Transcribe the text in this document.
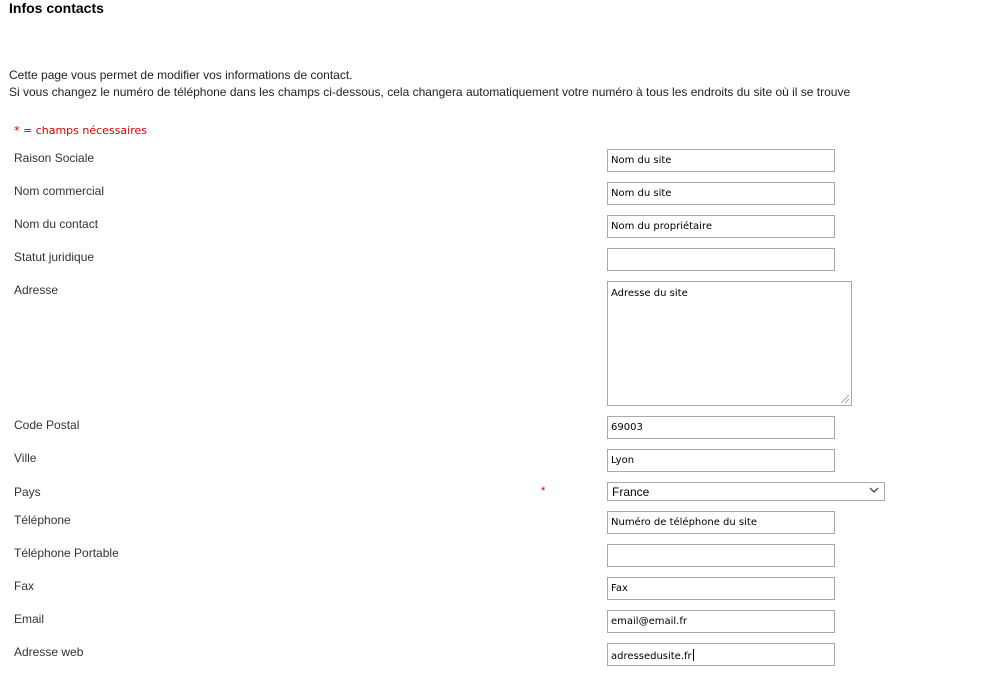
Infos contacts
Cette page vous permet de modifier vos informations de contact.
Si vous changez le numéro de téléphone dans les champs ci-dessous, cela changera automatiquement votre numéro à tous les endroits du site où il se trouve
* = champs nécessaires
Raison Sociale	Nom du site
Nom commercial	Nom du site
Nom du contact	Nom du propriétaire
Statut juridique
Adresse	Adresse du site
Code Postal	69003
Ville	Lyon
Pays	*	France
Téléphone	Numéro de téléphone du site
Téléphone Portable
Fax	Fax
Email	email@email.fr
Adresse web	adressedusite.fr
